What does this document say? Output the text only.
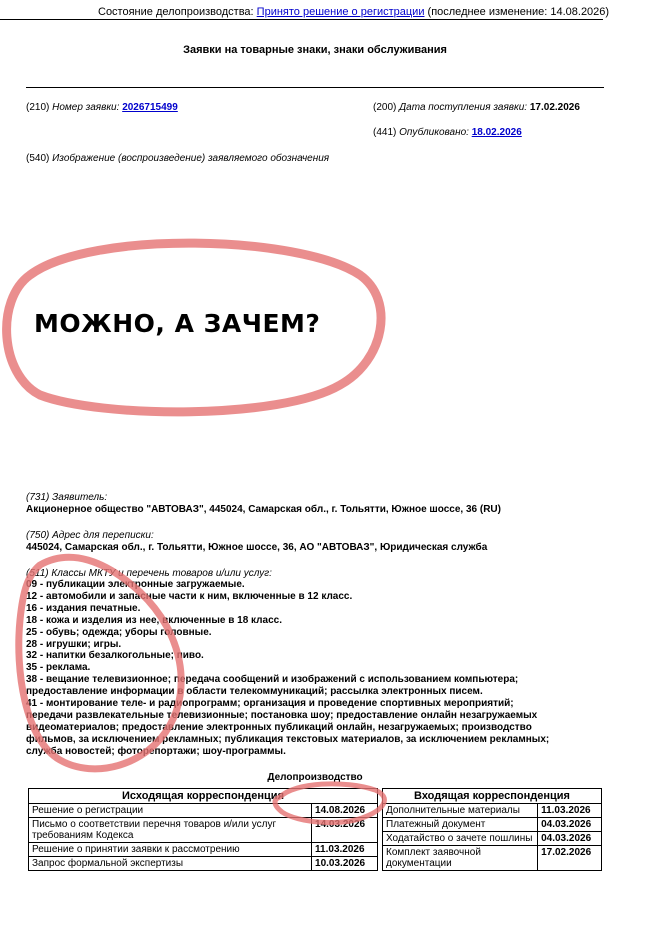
Состояние делопроизводства: Принято решение о регистрации (последнее изменение: 14.08.2026)
Заявки на товарные знаки, знаки обслуживания
(210) Номер заявки: 2026715499	(200) Дата поступления заявки: 17.02.2026
(441) Опубликовано: 18.02.2026
(540) Изображение (воспроизведение) заявляемого обозначения
МОЖНО, А ЗАЧЕМ?
(731) Заявитель:
Акционерное общество "АВТОВАЗ", 445024, Самарская обл., г. Тольятти, Южное шоссе, 36 (RU)
(750) Адрес для переписки:
445024, Самарская обл., г. Тольятти, Южное шоссе, 36, АО "АВТОВАЗ", Юридическая служба
(511) Классы МКТУ и перечень товаров и/или услуг:
09 - публикации электронные загружаемые.
12 - автомобили и запасные части к ним, включенные в 12 класс.
16 - издания печатные.
18 - кожа и изделия из нее, включенные в 18 класс.
25 - обувь; одежда; уборы головные.
28 - игрушки; игры.
32 - напитки безалкогольные; пиво.
35 - реклама.
38 - вещание телевизионное; передача сообщений и изображений с использованием компьютера;
предоставление информации в области телекоммуникаций; рассылка электронных писем.
41 - монтирование теле- и радиопрограмм; организация и проведение спортивных мероприятий;
передачи развлекательные телевизионные; постановка шоу; предоставление онлайн незагружаемых
видеоматериалов; предоставление электронных публикаций онлайн, незагружаемых; производство
фильмов, за исключением рекламных; публикация текстовых материалов, за исключением рекламных;
служба новостей; фоторепортажи; шоу-программы.
Делопроизводство
Исходящая корреспонденция	
Решение о регистрации	14.08.2026
Письмо о соответствии перечня товаров и/или услуг требованиям Кодекса	14.03.2026
Решение о принятии заявки к рассмотрению	11.03.2026
Запрос формальной экспертизы	10.03.2026
Входящая корреспонденция	
Дополнительные материалы	11.03.2026
Платежный документ	04.03.2026
Ходатайство о зачете пошлины	04.03.2026
Комплект заявочной документации	17.02.2026
